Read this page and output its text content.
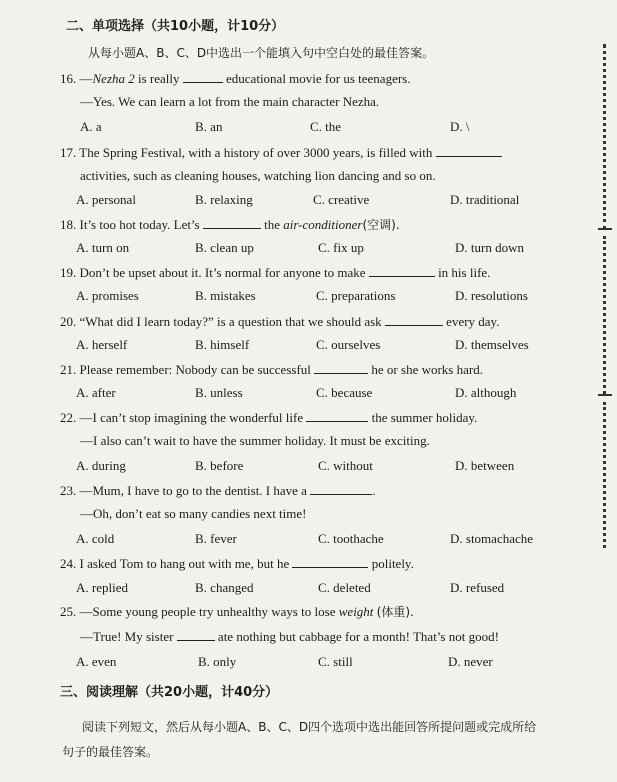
二、单项选择（共10小题，计10分）
从每小题A、B、C、D中选出一个能填入句中空白处的最佳答案。
16. —Nezha 2 is really	educational movie for us teenagers.
—Yes. We can learn a lot from the main character Nezha.
A. a	B. an	C. the	D. \
17. The Spring Festival, with a history of over 3000 years, is filled with
activities, such as cleaning houses, watching lion dancing and so on.
A. personal	B. relaxing	C. creative	D. traditional
18. It’s too hot today. Let’s	the air-conditioner(空调).
A. turn on	B. clean up	C. fix up	D. turn down
19. Don’t be upset about it. It’s normal for anyone to make	in his life.
A. promises	B. mistakes	C. preparations	D. resolutions
20. “What did I learn today?” is a question that we should ask	every day.
A. herself	B. himself	C. ourselves	D. themselves
21. Please remember: Nobody can be successful	he or she works hard.
A. after	B. unless	C. because	D. although
22. —I can’t stop imagining the wonderful life	the summer holiday.
—I also can’t wait to have the summer holiday. It must be exciting.
A. during	B. before	C. without	D. between
23. —Mum, I have to go to the dentist. I have a	.
—Oh, don’t eat so many candies next time!
A. cold	B. fever	C. toothache	D. stomachache
24. I asked Tom to hang out with me, but he	politely.
A. replied	B. changed	C. deleted	D. refused
25. —Some young people try unhealthy ways to lose weight (体重).
—True! My sister	ate nothing but cabbage for a month! That’s not good!
A. even	B. only	C. still	D. never
三、阅读理解（共20小题，计40分）
阅读下列短文，然后从每小题A、B、C、D四个选项中选出能回答所提问题或完成所给
句子的最佳答案。
